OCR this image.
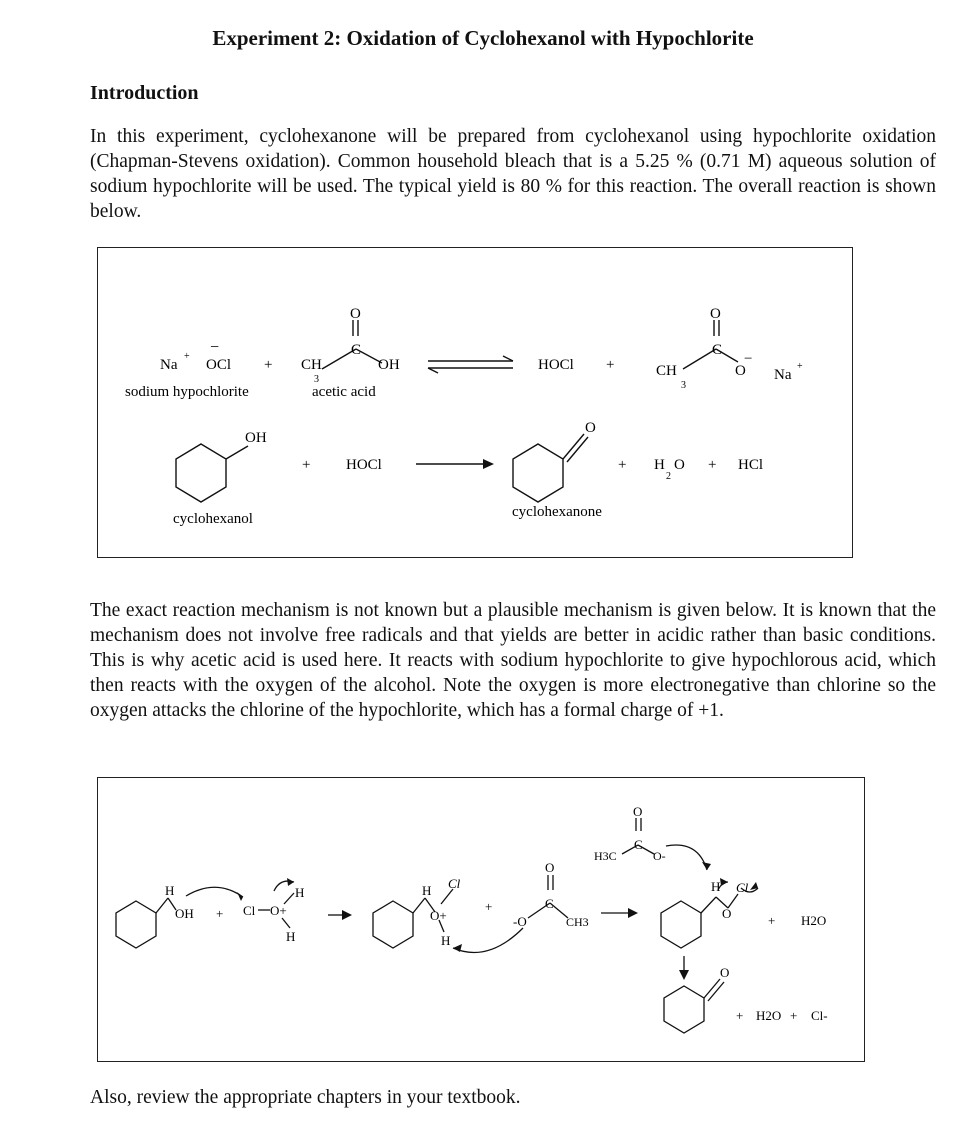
Experiment 2: Oxidation of Cyclohexanol with Hypochlorite
Introduction

In this experiment, cyclohexanone will be prepared from cyclohexanol using hypochlorite oxidation (Chapman-Stevens oxidation). Common household bleach that is a 5.25 % (0.71 M) aqueous solution of sodium hypochlorite will be used. The typical yield is 80 % for this reaction. The overall reaction is shown below.

Na
+
−
OCl + CH
3
C
O
OH
sodium hypochlorite	acetic acid
HOCl +	CH
3
C
O
O
−
Na
+
OH
+ HOCl
O
+ H
2
O + HCl
cyclohexanol	cyclohexanone

The exact reaction mechanism is not known but a plausible mechanism is given below. It is known that the mechanism does not involve free radicals and that yields are better in acidic rather than basic conditions. This is why acetic acid is used here. It reacts with sodium hypochlorite to give hypochlorous acid, which then reacts with the oxygen of the alcohol. Note the oxygen is more electronegative than chlorine so the oxygen attacks the chlorine of the hypochlorite, which has a formal charge of +1.

H
OH + Cl O+
H
H
H
O+
Cl
H
+
-O
C
O
CH3
H3C
C
O
O-
H
O
Cl
+ H2O
O
+ H2O + Cl-

Also, review the appropriate chapters in your textbook.
